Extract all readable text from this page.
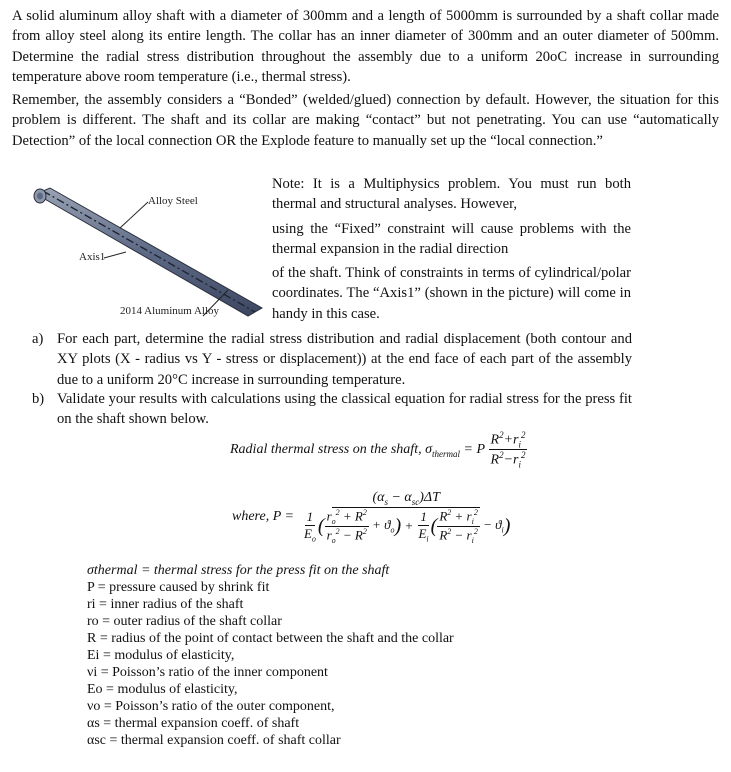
A solid aluminum alloy shaft with a diameter of 300mm and a length of 5000mm is surrounded by a shaft collar made from alloy steel along its entire length. The collar has an inner diameter of 300mm and an outer diameter of 500mm. Determine the radial stress distribution throughout the assembly due to a uniform 20oC increase in surrounding temperature above room temperature (i.e., thermal stress).
Remember, the assembly considers a “Bonded” (welded/glued) connection by default. However, the situation for this problem is different. The shaft and its collar are making “contact” but not penetrating. You can use “automatically Detection” of the local connection OR the Explode feature to manually set up the “local connection.”
Alloy Steel
Axis1
2014 Aluminum Alloy
Note: It is a Multiphysics problem. You must run both thermal and structural analyses. However,
using the “Fixed” constraint will cause problems with the thermal expansion in the radial direction
of the shaft. Think of constraints in terms of cylindrical/polar coordinates. The “Axis1” (shown in the picture) will come in handy in this case.
a) For each part, determine the radial stress distribution and radial displacement (both contour and XY plots (X - radius vs Y - stress or displacement)) at the end face of each part of the assembly due to a uniform 20°C increase in surrounding temperature.
b) Validate your results with calculations using the classical equation for radial stress for the press fit on the shaft shown below.
Radial thermal stress on the shaft, $\sigma_{thermal} = P \frac{R^2+r_i^2}{R^2-r_i^2}$
where, P =
$(\alpha_s - \alpha_{sc})\Delta T$
$\frac{1}{E_o}$ ( $\frac{r_o^2 + R^2}{r_o^2 - R^2} + ϑ_o$ ) + $\frac{1}{E_i}$ ( $\frac{R^2 + r_i^2}{R^2 - r_i^2} - ϑ_i$ )
σthermal = thermal stress for the press fit on the shaft
P = pressure caused by shrink fit
ri = inner radius of the shaft
ro = outer radius of the shaft collar
R = radius of the point of contact between the shaft and the collar
Ei = modulus of elasticity,
νi = Poisson’s ratio of the inner component
Eo = modulus of elasticity,
νo = Poisson’s ratio of the outer component,
αs = thermal expansion coeff. of shaft
αsc = thermal expansion coeff. of shaft collar
